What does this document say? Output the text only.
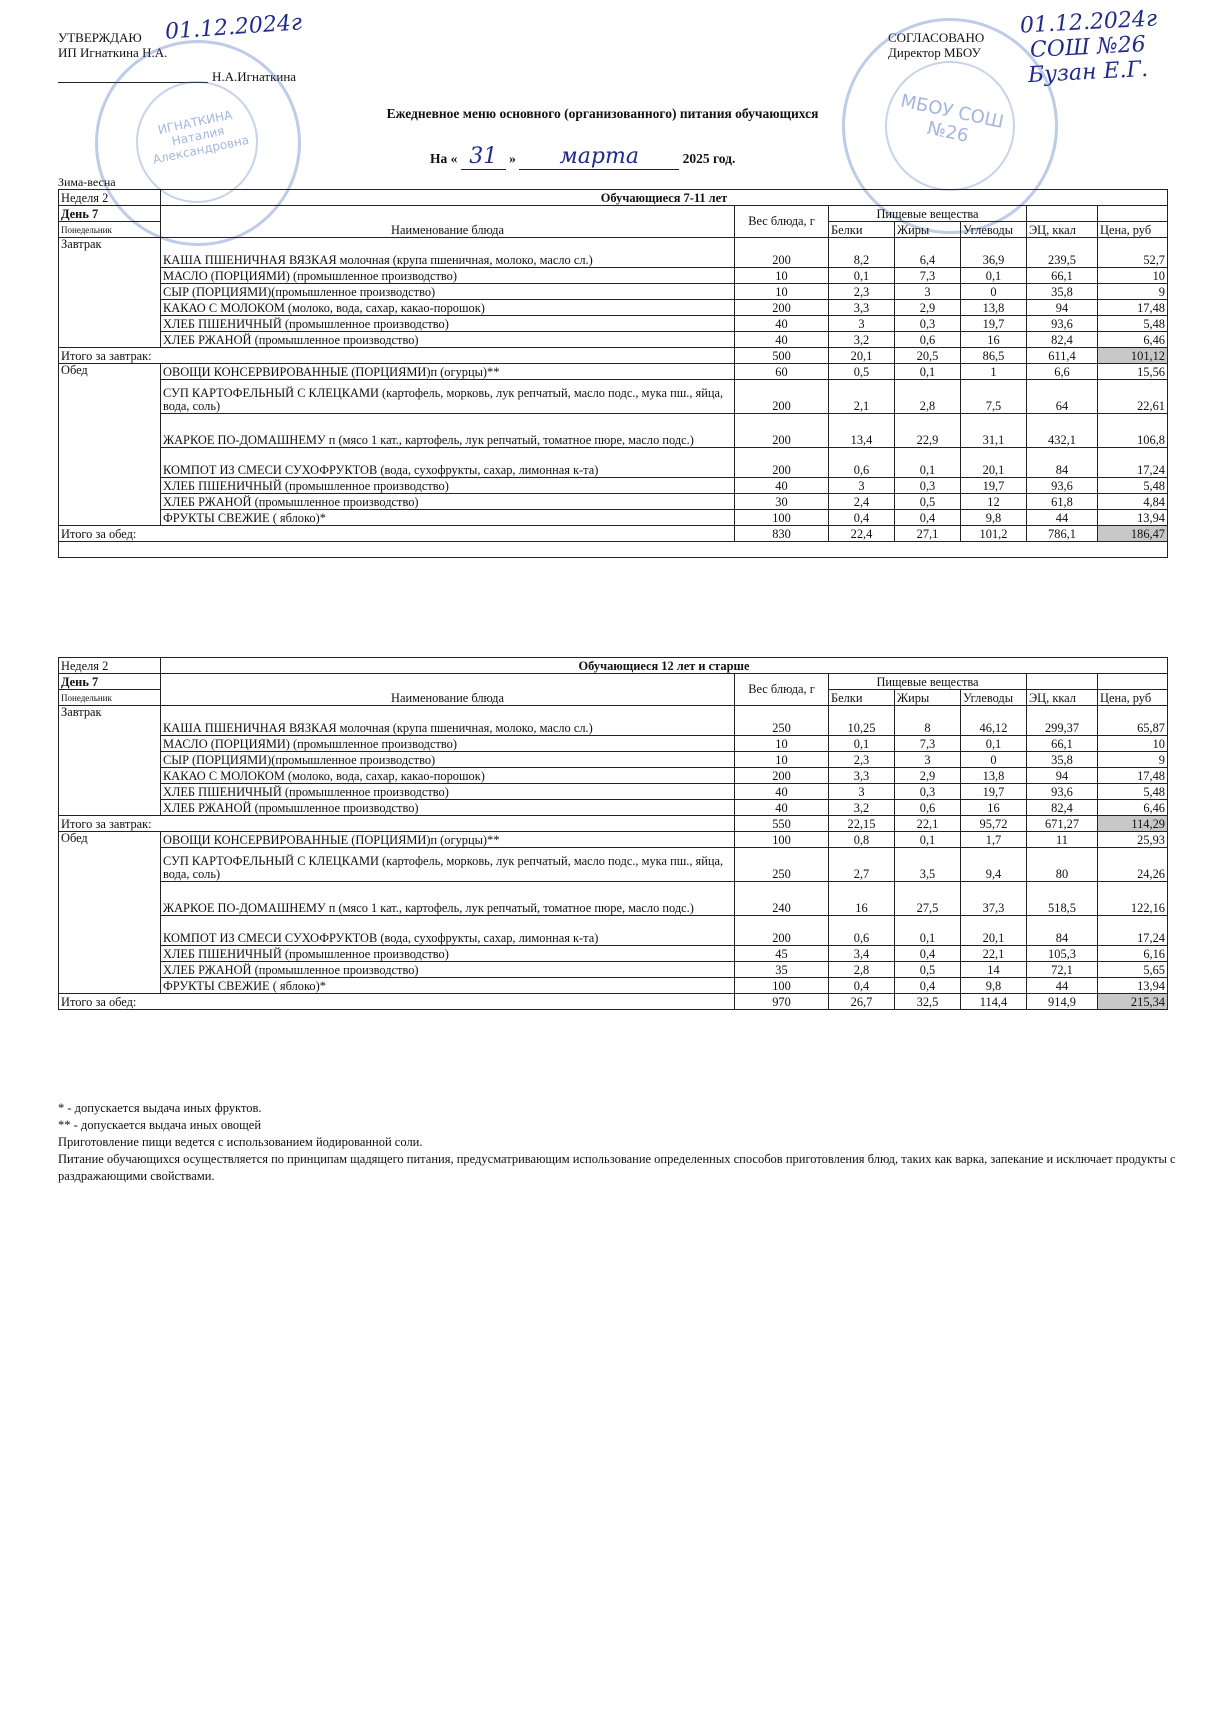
УТВЕРЖДАЮ
ИП Игнаткина Н.А.
Н.А.Игнаткина
01.12.2024г	СОГЛАСОВАНО
Директор МБОУ
01.12.2024г
СОШ №26
Бузан Е.Г.
ИГНАТКИНА Наталия Александровна
МБОУ СОШ №26
Ежедневное меню основного (организованного) питания обучающихся
На « 31 » марта	2025 год.
Зима-весна
Неделя 2	Обучающиеся 7-11 лет						
День 7	Наименование блюда	Вес блюда, г	Пищевые вещества				
Понедельник			Белки	Жиры	Углеводы	ЭЦ, ккал	Цена, руб
Завтрак	КАША ПШЕНИЧНАЯ ВЯЗКАЯ молочная (крупа пшеничная, молоко, масло сл.)	200	8,2	6,4	36,9	239,5	52,7
	МАСЛО (ПОРЦИЯМИ) (промышленное производство)	10	0,1	7,3	0,1	66,1	10
	СЫР (ПОРЦИЯМИ)(промышленное производство)	10	2,3	3	0	35,8	9
	КАКАО С МОЛОКОМ (молоко, вода, сахар, какао-порошок)	200	3,3	2,9	13,8	94	17,48
	ХЛЕБ ПШЕНИЧНЫЙ (промышленное производство)	40	3	0,3	19,7	93,6	5,48
	ХЛЕБ РЖАНОЙ (промышленное производство)	40	3,2	0,6	16	82,4	6,46
Итого за завтрак:		500	20,1	20,5	86,5	611,4	101,12
Обед	ОВОЩИ КОНСЕРВИРОВАННЫЕ (ПОРЦИЯМИ)п (огурцы)**	60	0,5	0,1	1	6,6	15,56
	СУП КАРТОФЕЛЬНЫЙ С КЛЕЦКАМИ (картофель, морковь, лук репчатый, масло подс., мука пш., яйца, вода, соль)	200	2,1	2,8	7,5	64	22,61
	ЖАРКОЕ ПО-ДОМАШНЕМУ п (мясо 1 кат., картофель, лук репчатый, томатное пюре, масло подс.)	200	13,4	22,9	31,1	432,1	106,8
	КОМПОТ ИЗ СМЕСИ СУХОФРУКТОВ (вода, сухофрукты, сахар, лимонная к-та)	200	0,6	0,1	20,1	84	17,24
	ХЛЕБ ПШЕНИЧНЫЙ (промышленное производство)	40	3	0,3	19,7	93,6	5,48
	ХЛЕБ РЖАНОЙ (промышленное производство)	30	2,4	0,5	12	61,8	4,84
	ФРУКТЫ СВЕЖИЕ ( яблоко)*	100	0,4	0,4	9,8	44	13,94
Итого за обед:		830	22,4	27,1	101,2	786,1	186,47

Неделя 2	Обучающиеся 12 лет и старше						
День 7	Наименование блюда	Вес блюда, г	Пищевые вещества				
Понедельник			Белки	Жиры	Углеводы	ЭЦ, ккал	Цена, руб
Завтрак	КАША ПШЕНИЧНАЯ ВЯЗКАЯ молочная (крупа пшеничная, молоко, масло сл.)	250	10,25	8	46,12	299,37	65,87
	МАСЛО (ПОРЦИЯМИ) (промышленное производство)	10	0,1	7,3	0,1	66,1	10
	СЫР (ПОРЦИЯМИ)(промышленное производство)	10	2,3	3	0	35,8	9
	КАКАО С МОЛОКОМ (молоко, вода, сахар, какао-порошок)	200	3,3	2,9	13,8	94	17,48
	ХЛЕБ ПШЕНИЧНЫЙ (промышленное производство)	40	3	0,3	19,7	93,6	5,48
	ХЛЕБ РЖАНОЙ (промышленное производство)	40	3,2	0,6	16	82,4	6,46
Итого за завтрак:		550	22,15	22,1	95,72	671,27	114,29
Обед	ОВОЩИ КОНСЕРВИРОВАННЫЕ (ПОРЦИЯМИ)п (огурцы)**	100	0,8	0,1	1,7	11	25,93
	СУП КАРТОФЕЛЬНЫЙ С КЛЕЦКАМИ (картофель, морковь, лук репчатый, масло подс., мука пш., яйца, вода, соль)	250	2,7	3,5	9,4	80	24,26
	ЖАРКОЕ ПО-ДОМАШНЕМУ п (мясо 1 кат., картофель, лук репчатый, томатное пюре, масло подс.)	240	16	27,5	37,3	518,5	122,16
	КОМПОТ ИЗ СМЕСИ СУХОФРУКТОВ (вода, сухофрукты, сахар, лимонная к-та)	200	0,6	0,1	20,1	84	17,24
	ХЛЕБ ПШЕНИЧНЫЙ (промышленное производство)	45	3,4	0,4	22,1	105,3	6,16
	ХЛЕБ РЖАНОЙ (промышленное производство)	35	2,8	0,5	14	72,1	5,65
	ФРУКТЫ СВЕЖИЕ ( яблоко)*	100	0,4	0,4	9,8	44	13,94
Итого за обед:		970	26,7	32,5	114,4	914,9	215,34
* - допускается выдача иных фруктов.
** - допускается выдача иных овощей
Приготовление пищи ведется с использованием йодированной соли.
Питание обучающихся осуществляется по принципам щадящего питания, предусматривающим использование определенных способов приготовления блюд, таких как варка, запекание и исключает продукты с раздражающими свойствами.
